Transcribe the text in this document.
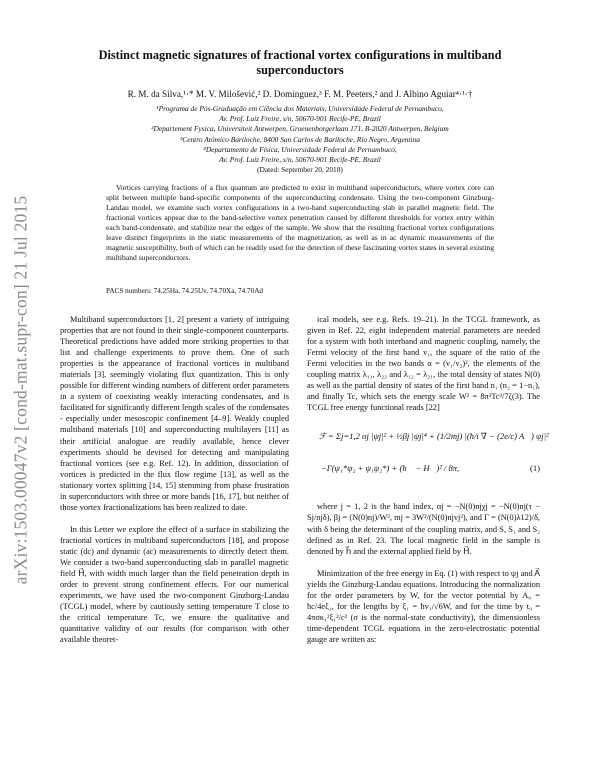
arXiv:1503.00047v2 [cond-mat.supr-con] 21 Jul 2015
Distinct magnetic signatures of fractional vortex configurations in multiband superconductors
R. M. da Silva,¹·* M. V. Milošević,² D. Domínguez,³ F. M. Peeters,² and J. Albino Aguiar⁴·¹·†
¹Programa de Pós-Graduação em Ciência dos Materiais, Universidade Federal de Pernambuco,
Av. Prof. Luiz Freire, s/n, 50670-901 Recife-PE, Brazil
²Departement Fysica, Universiteit Antwerpen, Groenenborgerlaan 171, B-2020 Antwerpen, Belgium
³Centro Atómico Bariloche, 8400 San Carlos de Bariloche, Río Negro, Argentina
⁴Departamento de Física, Universidade Federal de Pernambuco,
Av. Prof. Luiz Freire, s/n, 50670-901 Recife-PE, Brazil
(Dated: September 20, 2018)

Vortices carrying fractions of a flux quantum are predicted to exist in multiband superconductors, where vortex core can split between multiple band-specific components of the superconducting condensate. Using the two-component Ginzburg-Landau model, we examine such vortex configurations in a two-band superconducting slab in parallel magnetic field. The fractional vortices appear due to the band-selective vortex penetration caused by different thresholds for vortex entry within each band-condensate, and stabilize near the edges of the sample. We show that the resulting fractional vortex configurations leave distinct fingerprints in the static measurements of the magnetization, as well as in ac dynamic measurements of the magnetic susceptibility, both of which can be readily used for the detection of these fascinating vortex states in several existing multiband superconductors.

PACS numbers: 74.25Ha, 74.25Uv, 74.70Xa, 74.70Ad

Multiband superconductors [1, 2] present a variety of intriguing properties that are not found in their single-component counterparts. Theoretical predictions have added more striking properties to that list and challenge experiments to prove them. One of such properties is the appearance of fractional vortices in multiband materials [3], seemingly violating flux quantization. This is only possible for different winding numbers of different order parameters in a system of coexisting weakly interacting condensates, and is facilitated for significantly different length scales of the condensates - especially under mesoscopic confinement [4–9]. Weakly coupled multiband materials [10] and superconducting multilayers [11] as their artificial analogue are readily available, hence clever experiments should be devised for detecting and manipulating fractional vortices (see e.g. Ref. 12). In addition, dissociation of vortices is predicted in the flux flow regime [13], as well as the stationary vortex splitting [14, 15] stemming from phase frustration in superconductors with three or more bands [16, 17], but neither of those vortex fractionalizations has been realized to date.

In this Letter we explore the effect of a surface in stabilizing the fractional vortices in multiband superconductors [18], and propose static (dc) and dynamic (ac) measurements to directly detect them. We consider a two-band superconducting slab in parallel magnetic field H⃗, with width much larger than the field penetration depth in order to prevent strong confinement effects. For our numerical experiments, we have used the two-component Ginzburg-Landau (TCGL) model, where by cautiously setting temperature T close to the critical temperature Tc, we ensure the qualitative and quantitative validity of our results (for comparison with other available theoret-

ical models, see e.g. Refs. 19–21). In the TCGL framework, as given in Ref. 22, eight independent material parameters are needed for a system with both interband and magnetic coupling, namely, the Fermi velocity of the first band v₁, the square of the ratio of the Fermi velocities in the two bands α = (v₁/v₂)², the elements of the coupling matrix λ₁₁, λ₂₂ and λ₁₂ = λ₂₁, the total density of states N(0) as well as the partial density of states of the first band n₁ (n₂ = 1−n₁), and finally Tc, which sets the energy scale W² = 8π²Tc²/7ζ(3). The TCGL free energy functional reads [22]

ℱ = Σj=1,2 αj |ψj|² + ½βj |ψj|⁴ + (1/2mj) |(ħ/i ∇ − (2e/c) A⃗) ψj|²
−Γ(ψ₁*ψ₂ + ψ₁ψ₂*) + (h⃗ − H⃗)² / 8π,	(1)

where j = 1, 2 is the band index, αj = −N(0)njχj = −N(0)nj(τ − Sj/njδ), βj = (N(0)nj)/W², mj = 3W²/(N(0)njvj²), and Γ = (N(0)λ12)/δ, with δ being the determinant of the coupling matrix, and S, S₁ and S₂ defined as in Ref. 23. The local magnetic field in the sample is denoted by h⃗ and the external applied field by H⃗.

Minimization of the free energy in Eq. (1) with respect to ψj and A⃗ yields the Ginzburg-Landau equations. Introducing the normalization for the order parameters by W, for the vector potential by A₀ = ħc/4eξ₁, for the lengths by ξ₁ = ħv₁/√6W, and for the time by t₀ = 4πσκ₁²ξ₁²/c² (σ is the normal-state conductivity), the dimensionless time-dependent TCGL equations in the zero-electrostatic potential gauge are written as:
